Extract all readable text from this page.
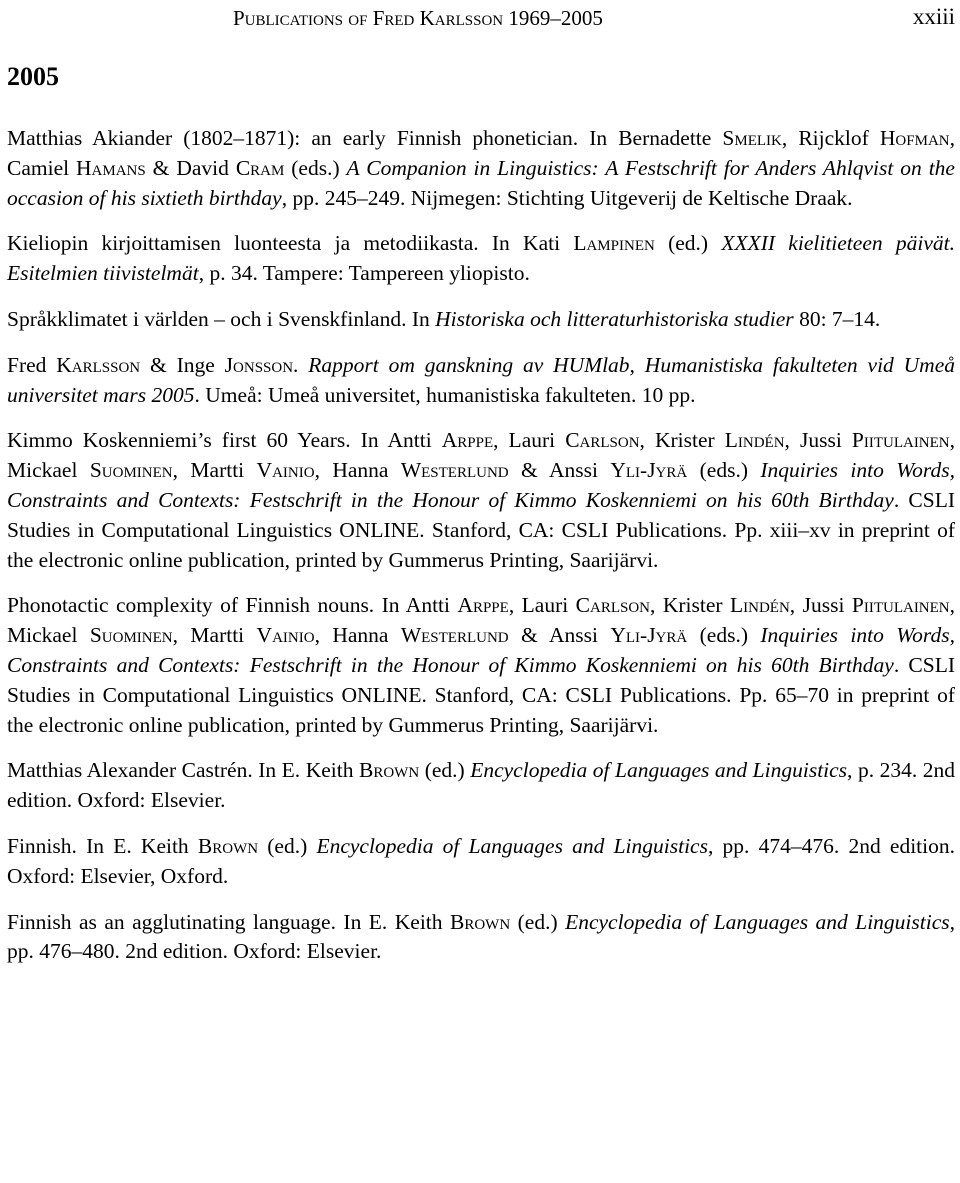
Publications of Fred Karlsson 1969–2005	xxiii
2005

Matthias Akiander (1802–1871): an early Finnish phonetician. In Bernadette Smelik, Rijcklof Hofman, Camiel Hamans & David Cram (eds.) A Companion in Linguistics: A Festschrift for Anders Ahlqvist on the occasion of his sixtieth birthday, pp. 245–249. Nijmegen: Stichting Uitgeverij de Keltische Draak.

Kieliopin kirjoittamisen luonteesta ja metodiikasta. In Kati Lampinen (ed.) XXXII kielitieteen päivät. Esitelmien tiivistelmät, p. 34. Tampere: Tampereen yliopisto.

Språkklimatet i världen – och i Svenskfinland. In Historiska och litteraturhistoriska studier 80: 7–14.

Fred Karlsson & Inge Jonsson. Rapport om ganskning av HUMlab, Humanistiska fakulteten vid Umeå universitet mars 2005. Umeå: Umeå universitet, humanistiska fakulteten. 10 pp.

Kimmo Koskenniemi’s first 60 Years. In Antti Arppe, Lauri Carlson, Krister Lindén, Jussi Piitulainen, Mickael Suominen, Martti Vainio, Hanna Westerlund & Anssi Yli-Jyrä (eds.) Inquiries into Words, Constraints and Contexts: Festschrift in the Honour of Kimmo Koskenniemi on his 60th Birthday. CSLI Studies in Computational Linguistics ONLINE. Stanford, CA: CSLI Publications. Pp. xiii–xv in preprint of the electronic online publication, printed by Gummerus Printing, Saarijärvi.

Phonotactic complexity of Finnish nouns. In Antti Arppe, Lauri Carlson, Krister Lindén, Jussi Piitulainen, Mickael Suominen, Martti Vainio, Hanna Westerlund & Anssi Yli-Jyrä (eds.) Inquiries into Words, Constraints and Contexts: Festschrift in the Honour of Kimmo Koskenniemi on his 60th Birthday. CSLI Studies in Computational Linguistics ONLINE. Stanford, CA: CSLI Publications. Pp. 65–70 in preprint of the electronic online publication, printed by Gummerus Printing, Saarijärvi.

Matthias Alexander Castrén. In E. Keith Brown (ed.) Encyclopedia of Languages and Linguistics, p. 234. 2nd edition. Oxford: Elsevier.

Finnish. In E. Keith Brown (ed.) Encyclopedia of Languages and Linguistics, pp. 474–476. 2nd edition. Oxford: Elsevier, Oxford.

Finnish as an agglutinating language. In E. Keith Brown (ed.) Encyclopedia of Languages and Linguistics, pp. 476–480. 2nd edition. Oxford: Elsevier.
